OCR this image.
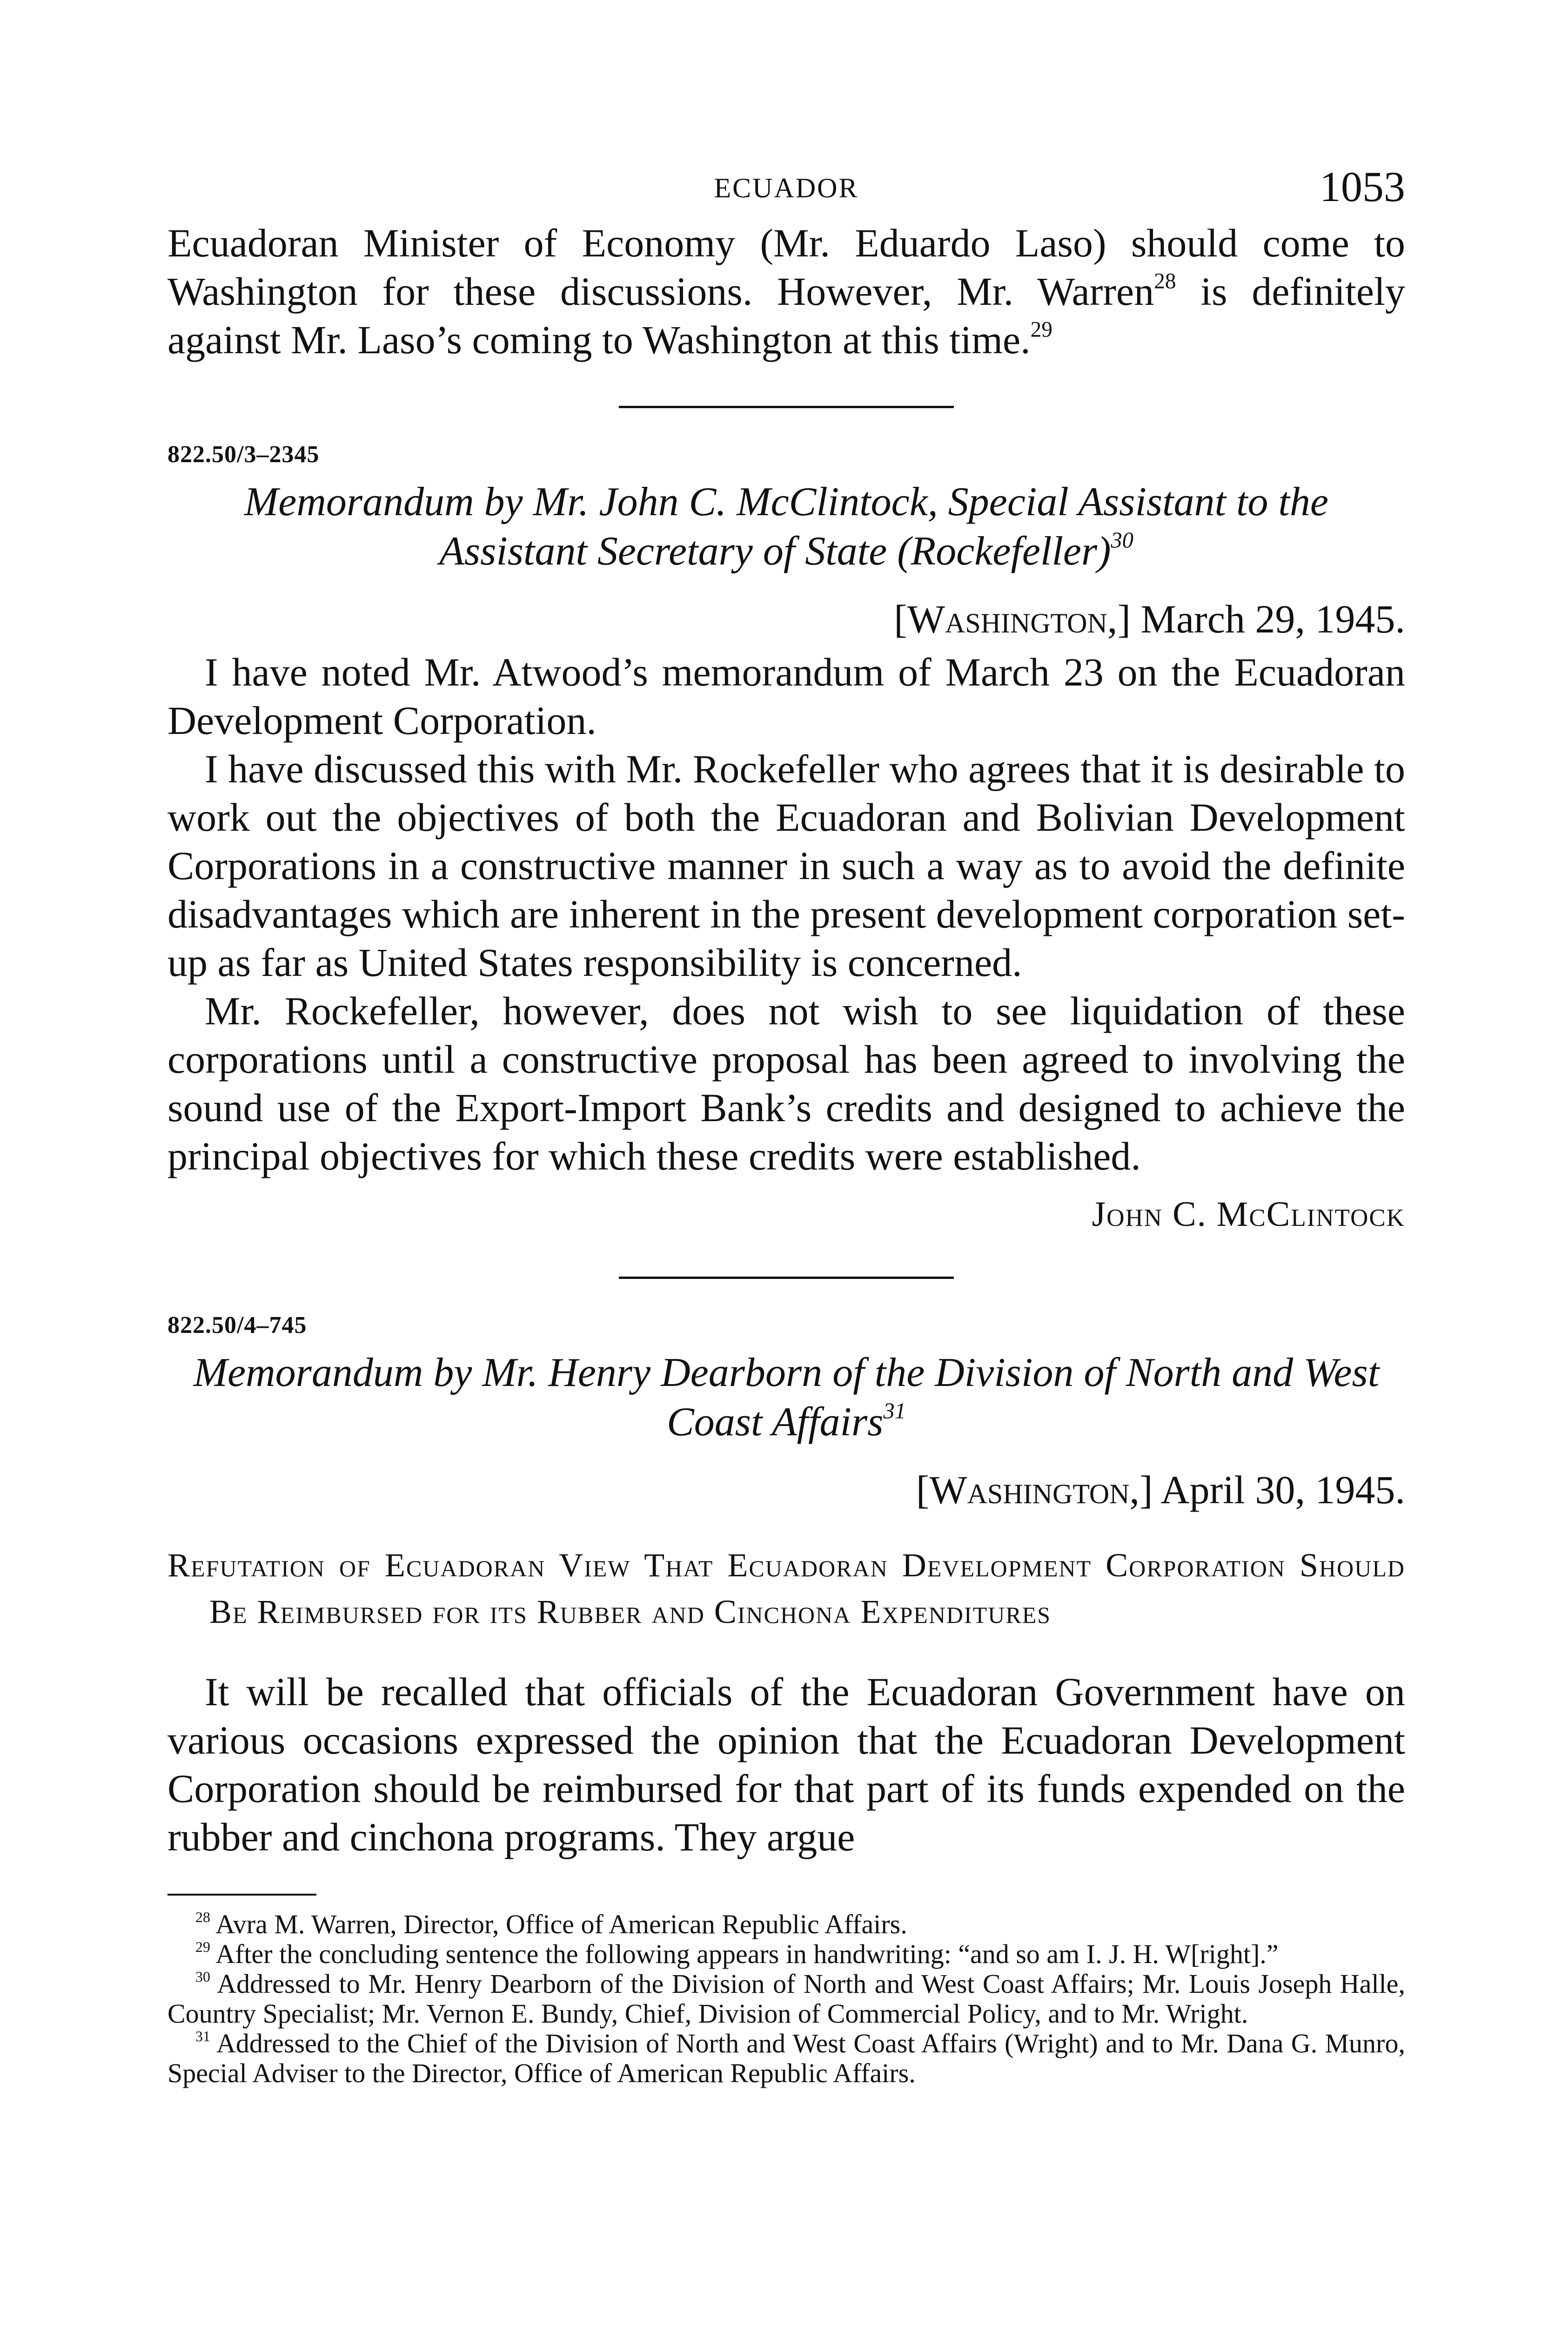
ECUADOR	1053

Ecuadoran Minister of Economy (Mr. Eduardo Laso) should come to Washington for these discussions. However, Mr. Warren$^{28}$ is definitely against Mr. Laso’s coming to Washington at this time.$^{29}$

822.50/3–2345
Memorandum by Mr. John C. McClintock, Special Assistant to the Assistant Secretary of State (Rockefeller)$^{30}$
[Washington,] March 29, 1945.

I have noted Mr. Atwood’s memorandum of March 23 on the Ecuadoran Development Corporation.

I have discussed this with Mr. Rockefeller who agrees that it is desirable to work out the objectives of both the Ecuadoran and Bolivian Development Corporations in a constructive manner in such a way as to avoid the definite disadvantages which are inherent in the present development corporation set-up as far as United States responsibility is concerned.

Mr. Rockefeller, however, does not wish to see liquidation of these corporations until a constructive proposal has been agreed to involving the sound use of the Export-Import Bank’s credits and designed to achieve the principal objectives for which these credits were established.

John C. McClintock
822.50/4–745
Memorandum by Mr. Henry Dearborn of the Division of North and West Coast Affairs$^{31}$
[Washington,] April 30, 1945.
Refutation of Ecuadoran View That Ecuadoran Development Corporation Should Be Reimbursed for its Rubber and Cinchona Expenditures

It will be recalled that officials of the Ecuadoran Government have on various occasions expressed the opinion that the Ecuadoran Development Corporation should be reimbursed for that part of its funds expended on the rubber and cinchona programs. They argue

$^{28}$ Avra M. Warren, Director, Office of American Republic Affairs.

$^{29}$ After the concluding sentence the following appears in handwriting: “and so am I. J. H. W[right].”

$^{30}$ Addressed to Mr. Henry Dearborn of the Division of North and West Coast Affairs; Mr. Louis Joseph Halle, Country Specialist; Mr. Vernon E. Bundy, Chief, Division of Commercial Policy, and to Mr. Wright.

$^{31}$ Addressed to the Chief of the Division of North and West Coast Affairs (Wright) and to Mr. Dana G. Munro, Special Adviser to the Director, Office of American Republic Affairs.
